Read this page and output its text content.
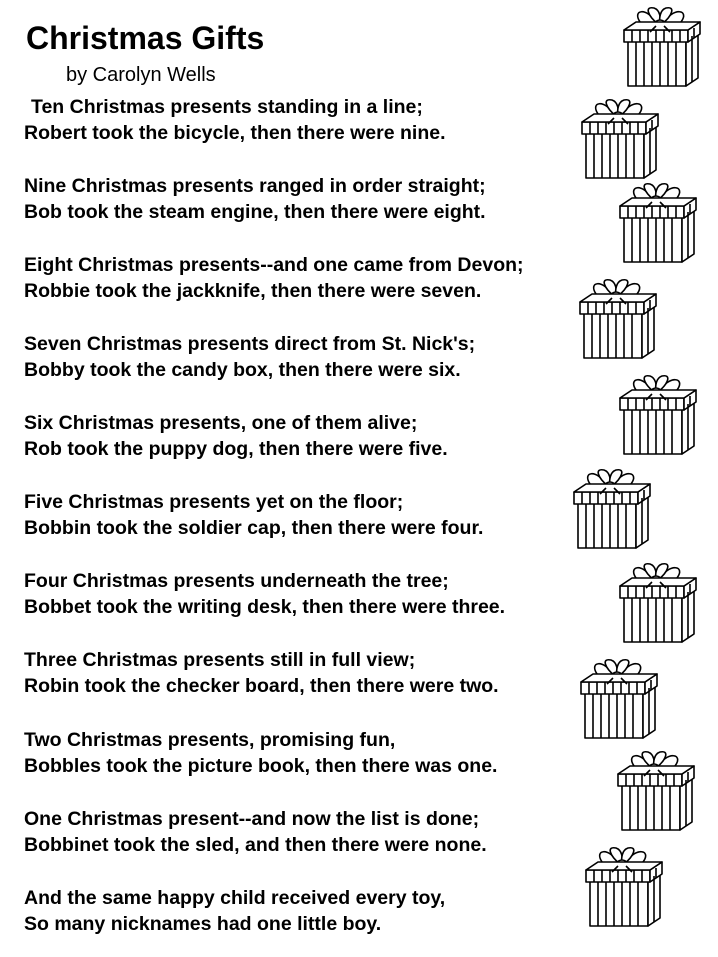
Christmas Gifts
by Carolyn Wells
Ten Christmas presents standing in a line;
Robert took the bicycle, then there were nine.
Nine Christmas presents ranged in order straight;
Bob took the steam engine, then there were eight.
Eight Christmas presents--and one came from Devon;
Robbie took the jackknife, then there were seven.
Seven Christmas presents direct from St. Nick's;
Bobby took the candy box, then there were six.
Six Christmas presents, one of them alive;
Rob took the puppy dog, then there were five.
Five Christmas presents yet on the floor;
Bobbin took the soldier cap, then there were four.
Four Christmas presents underneath the tree;
Bobbet took the writing desk, then there were three.
Three Christmas presents still in full view;
Robin took the checker board, then there were two.
Two Christmas presents, promising fun,
Bobbles took the picture book, then there was one.
One Christmas present--and now the list is done;
Bobbinet took the sled, and then there were none.
And the same happy child received every toy,
So many nicknames had one little boy.
